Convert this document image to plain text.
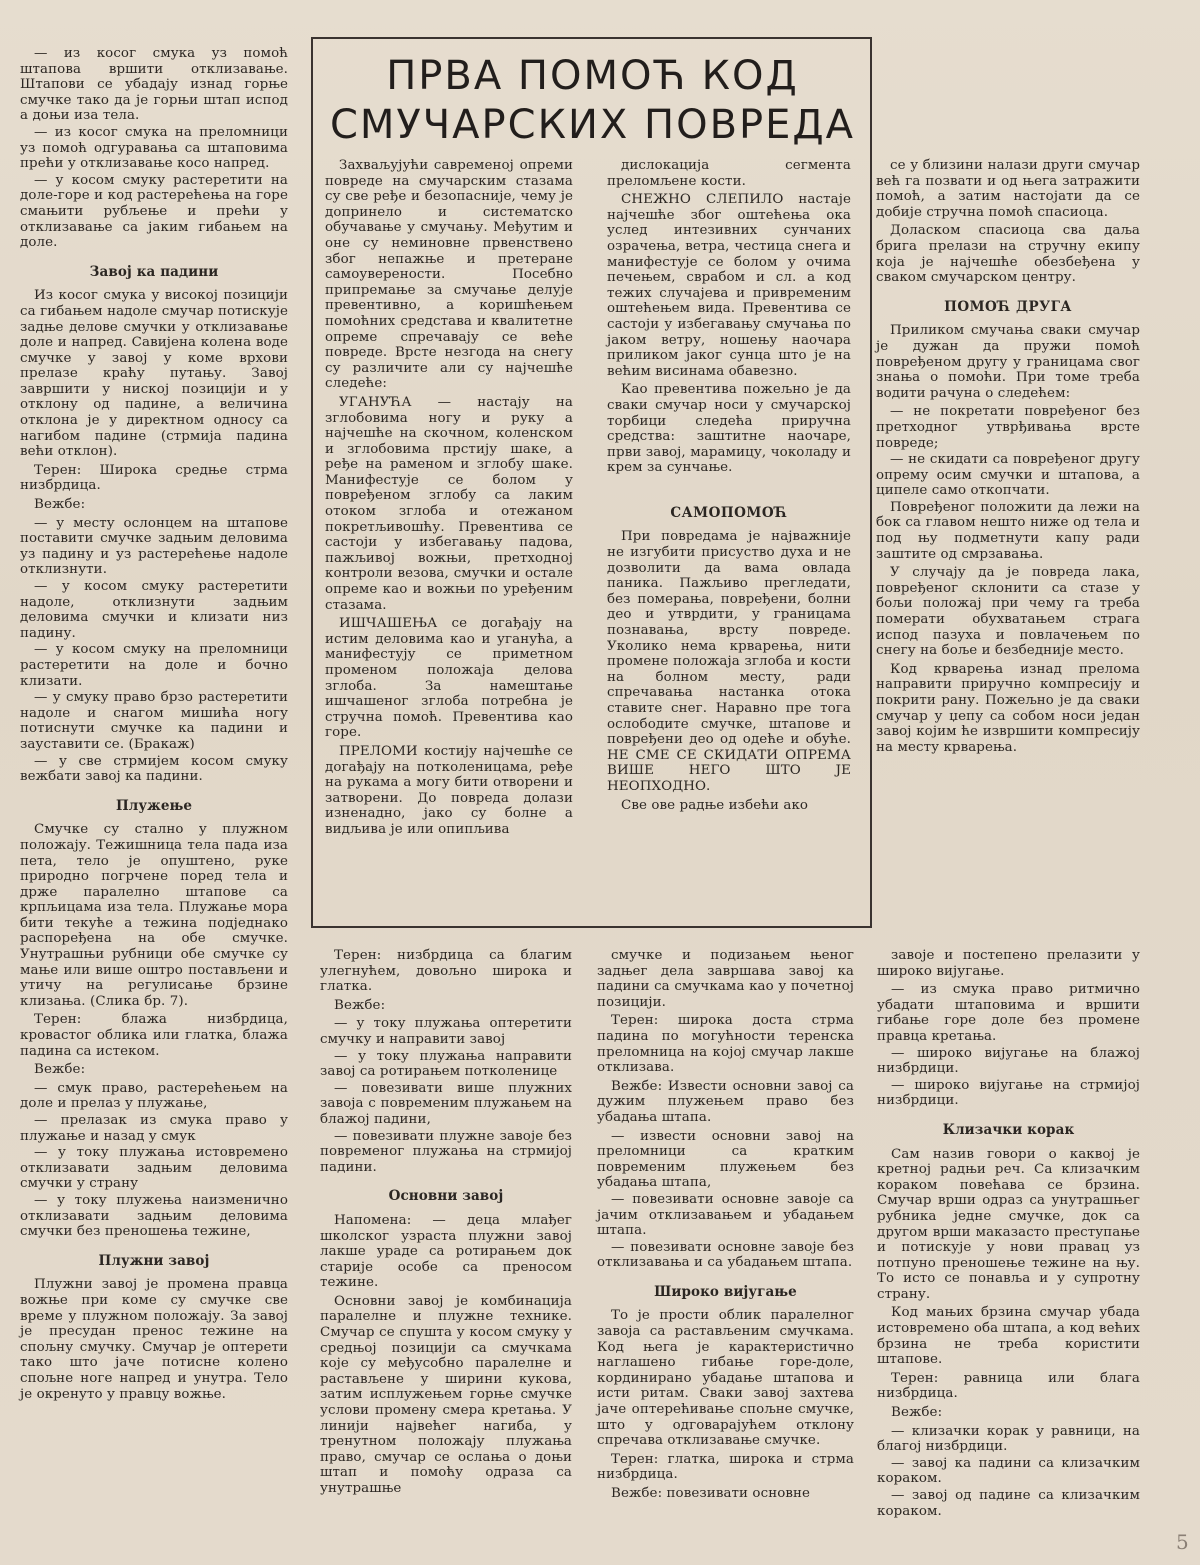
— из косог смука уз помоћ штапова вршити отклизавање. Штапови се убадају изнад горње смучке тако да је горњи штап испод а доњи иза тела.

— из косог смука на преломници уз помоћ одгуравања са штаповима прећи у отклизавање косо напред.

— у косом смуку растеретити на доле-горе и код растерећења на горе смањити рубљење и прећи у отклизавање са јаким гибањем на доле.

Завој ка падини

Из косог смука у високој позицији са гибањем надоле смучар потискује задње делове смучки у отклизавање доле и напред. Савијена колена воде смучке у завој у коме врхови прелазе краћу путању. Завој завршити у ниској позицији и у отклону од падине, а величина отклона је у директном односу са нагибом падине (стрмија падина већи отклон).

Терен: Широка средње стрма низбрдица.

Вежбе:

— у месту ослонцем на штапове поставити смучке задњим деловима уз падину и уз растерећење надоле отклизнути.

— у косом смуку растеретити надоле, отклизнути задњим деловима смучки и клизати низ падину.

— у косом смуку на преломници растеретити на доле и бочно клизати.

— у смуку право брзо растеретити надоле и снагом мишића ногу потиснути смучке ка падини и зауставити се. (Бракаж)

— у све стрмијем косом смуку вежбати завој ка падини.

Плужење

Смучке су стално у плужном положају. Тежишница тела пада иза пета, тело је опуштено, руке природно погрчене поред тела и држе паралелно штапове са крпљицама иза тела. Плужање мора бити текуће а тежина подједнако распоређена на обе смучке. Унутрашњи рубници обе смучке су мање или више оштро постављени и утичу на регулисање брзине клизања. (Слика бр. 7).

Терен: блажа низбрдица, кровастог облика или глатка, блажа падина са истеком.

Вежбе:

— смук право, растерећењем на доле и прелаз у плужање,

— прелазак из смука право у плужање и назад у смук

— у току плужања истовремено отклизавати задњим деловима смучки у страну

— у току плужења наизменично отклизавати задњим деловима смучки без преношења тежине,

Плужни завој

Плужни завој је промена правца вожње при коме су смучке све време у плужном положају. За завој је пресудан пренос тежине на спољну смучку. Смучар је оптерети тако што јаче потисне колено спољне ноге напред и унутра. Тело је окренуто у правцу вожње.

ПРВА ПОМОЋ КОД
СМУЧАРСКИХ ПОВРЕДА

Захваљујући савременој опреми повреде на смучарским стазама су све ређе и безопасније, чему је допринело и систематско обучавање у смучању. Међутим и оне су неминовне првенствено због непажње и претеране самоуверености. Посебно припремање за смучање делује превентивно, а коришћењем помоћних средстава и квалитетне опреме спречавају се веће повреде. Врсте незгода на снегу су различите али су најчешће следеће:

УГАНУЋА — настају на зглобовима ногу и руку а најчешће на скочном, коленском и зглобовима прстију шаке, а ређе на раменом и зглобу шаке. Манифестује се болом у повређеном зглобу са лаким отоком зглоба и отежаном покретљивошћу. Превентива се састоји у избегавању падова, пажљивој вожњи, претходној контроли везова, смучки и остале опреме као и вожњи по уређеним стазама.

ИШЧАШЕЊА се догађају на истим деловима као и уганућа, а манифестују се приметном променом положаја делова зглоба. За намештање ишчашеног зглоба потребна је стручна помоћ. Превентива као горе.

ПРЕЛОМИ костију најчешће се догађају на потколеницама, ређе на рукама а могу бити отворени и затворени. До повреда долази изненадно, јако су болне а видљива је или опипљива

дислокација сегмента преломљене кости.

СНЕЖНО СЛЕПИЛО настаје најчешће због оштећења ока услед интезивних сунчаних озрачења, ветра, честица снега и манифестује се болом у очима печењем, сврабом и сл. а код тежих случајева и привременим оштећењем вида. Превентива се састоји у избегавању смучања по јаком ветру, ношењу наочара приликом јаког сунца што је на већим висинама обавезно.

Као превентива пожељно је да сваки смучар носи у смучарској торбици следећа приручна средства: заштитне наочаре, први завој, марамицу, чоколаду и крем за сунчање.

САМОПОМОЋ

При повредама је најважније не изгубити присуство духа и не дозволити да вама овлада паника. Пажљиво прегледати, без померања, повређени, болни део и утврдити, у границама познавања, врсту повреде. Уколико нема крварења, нити промене положаја зглоба и кости на болном месту, ради спречавања настанка отока ставите снег. Наравно пре тога ослободите смучке, штапове и повређени део од одеће и обуће. НЕ СМЕ СЕ СКИДАТИ ОПРЕМА ВИШЕ НЕГО ШТО ЈЕ НЕОПХОДНО.

Све ове радње избећи ако

се у близини налази други смучар већ га позвати и од њега затражити помоћ, а затим настојати да се добије стручна помоћ спасиоца.

Доласком спасиоца сва даља брига прелази на стручну екипу која је најчешће обезбеђена у сваком смучарском центру.

ПОМОЋ ДРУГА

Приликом смучања сваки смучар је дужан да пружи помоћ повређеном другу у границама свог знања о помоћи. При томе треба водити рачуна о следећем:

— не покретати повређеног без претходног утврђивања врсте повреде;

— не скидати са повређеног другу опрему осим смучки и штапова, а ципеле само откопчати.

Повређеног положити да лежи на бок са главом нешто ниже од тела и под њу подметнути капу ради заштите од смрзавања.

У случају да је повреда лака, повређеног склонити са стазе у бољи положај при чему га треба померати обухватањем страга испод пазуха и повлачењем по снегу на боље и безбедније место.

Код крварења изнад прелома направити приручно компресију и покрити рану. Пожељно је да сваки смучар у џепу са собом носи један завој којим ће извршити компресију на месту крварења.

Терен: низбрдица са благим улегнућем, довољно широка и глатка.

Вежбе:

— у току плужања оптеретити смучку и направити завој

— у току плужања направити завој са ротирањем потколенице

— повезивати више плужних завоја с повременим плужањем на блажој падини,

— повезивати плужне завоје без повременог плужања на стрмијој падини.

Основни завој

Напомена: — деца млађег школског узраста плужни завој лакше ураде са ротирањем док старије особе са преносом тежине.

Основни завој је комбинација паралелне и плужне технике. Смучар се спушта у косом смуку у средњој позицији са смучкама које су међусобно паралелне и растављене у ширини кукова, затим исплужењем горње смучке услови промену смера кретања. У линији највећег нагиба, у тренутном положају плужања право, смучар се ослања о доњи штап и помоћу одраза са унутрашње

смучке и подизањем њеног задњег дела завршава завој ка падини са смучкама као у почетној позицији.

Терен: широка доста стрма падина по могућности теренска преломница на којој смучар лакше отклизава.

Вежбе: Извести основни завој са дужим плужењем право без убадања штапа.

— извести основни завој на преломници са кратким повременим плужењем без убадања штапа,

— повезивати основне завоје са јачим отклизавањем и убадањем штапа.

— повезивати основне завоје без отклизавања и са убадањем штапа.

Широко вијугање

То је прости облик паралелног завоја са растављеним смучкама. Код њега је карактеристично наглашено гибање горе-доле, кординирано убадање штапова и исти ритам. Сваки завој захтева јаче оптерећивање спољне смучке, што у одговарајућем отклону спречава отклизавање смучке.

Терен: глатка, широка и стрма низбрдица.

Вежбе: повезивати основне

завоје и постепено прелазити у широко вијугање.

— из смука право ритмично убадати штаповима и вршити гибање горе доле без промене правца кретања.

— широко вијугање на блажој низбрдици.

— широко вијугање на стрмијој низбрдици.

Клизачки корак

Сам назив говори о каквој је кретној радњи реч. Са клизачким кораком повећава се брзина. Смучар врши одраз са унутрашњег рубника једне смучке, док са другом врши маказасто преступање и потискује у нови правац уз потпуно преношење тежине на њу. То исто се понавља и у супротну страну.

Код мањих брзина смучар убада истовремено оба штапа, а код већих брзина не треба користити штапове.

Терен: равница или блага низбрдица.

Вежбе:

— клизачки корак у равници, на благој низбрдици.

— завој ка падини са клизачким кораком.

— завој од падине са клизачким кораком.

5
